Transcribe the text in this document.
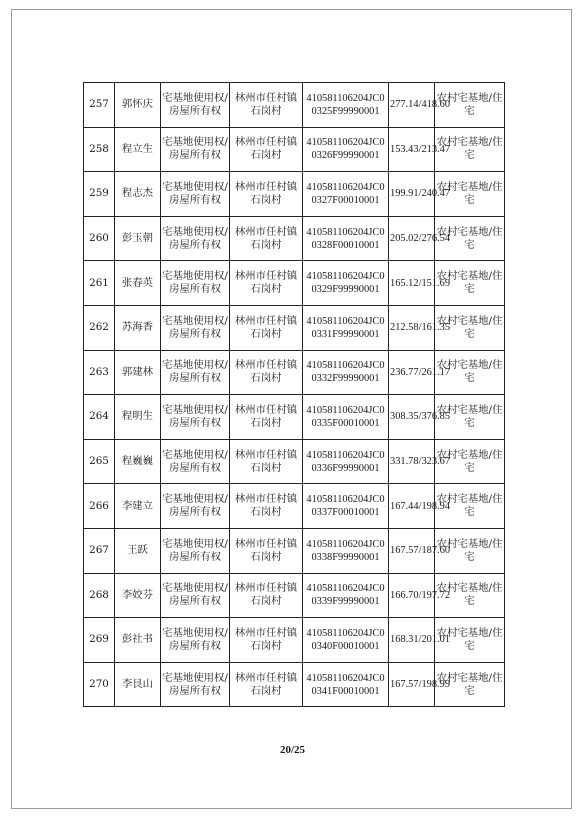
257	郭怀庆	宅基地使用权/房屋所有权	林州市任村镇石岗村	410581106204JC00325F99990001	277.14/418.60	农村宅基地/住宅
258	程立生	宅基地使用权/房屋所有权	林州市任村镇石岗村	410581106204JC00326F99990001	153.43/213.47	农村宅基地/住宅
259	程志杰	宅基地使用权/房屋所有权	林州市任村镇石岗村	410581106204JC00327F00010001	199.91/240.47	农村宅基地/住宅
260	彭玉朝	宅基地使用权/房屋所有权	林州市任村镇石岗村	410581106204JC00328F00010001	205.02/276.54	农村宅基地/住宅
261	张春英	宅基地使用权/房屋所有权	林州市任村镇石岗村	410581106204JC00329F99990001	165.12/151.69	农村宅基地/住宅
262	苏海香	宅基地使用权/房屋所有权	林州市任村镇石岗村	410581106204JC00331F99990001	212.58/161.35	农村宅基地/住宅
263	郭建林	宅基地使用权/房屋所有权	林州市任村镇石岗村	410581106204JC00332F99990001	236.77/261.17	农村宅基地/住宅
264	程明生	宅基地使用权/房屋所有权	林州市任村镇石岗村	410581106204JC00335F00010001	308.35/376.85	农村宅基地/住宅
265	程巍巍	宅基地使用权/房屋所有权	林州市任村镇石岗村	410581106204JC00336F99990001	331.78/323.67	农村宅基地/住宅
266	李建立	宅基地使用权/房屋所有权	林州市任村镇石岗村	410581106204JC00337F00010001	167.44/198.94	农村宅基地/住宅
267	王跃	宅基地使用权/房屋所有权	林州市任村镇石岗村	410581106204JC00338F99990001	167.57/187.60	农村宅基地/住宅
268	李姣芬	宅基地使用权/房屋所有权	林州市任村镇石岗村	410581106204JC00339F99990001	166.70/197.72	农村宅基地/住宅
269	彭社书	宅基地使用权/房屋所有权	林州市任村镇石岗村	410581106204JC00340F00010001	168.31/201.01	农村宅基地/住宅
270	李艮山	宅基地使用权/房屋所有权	林州市任村镇石岗村	410581106204JC00341F00010001	167.57/198.99	农村宅基地/住宅
20/25
